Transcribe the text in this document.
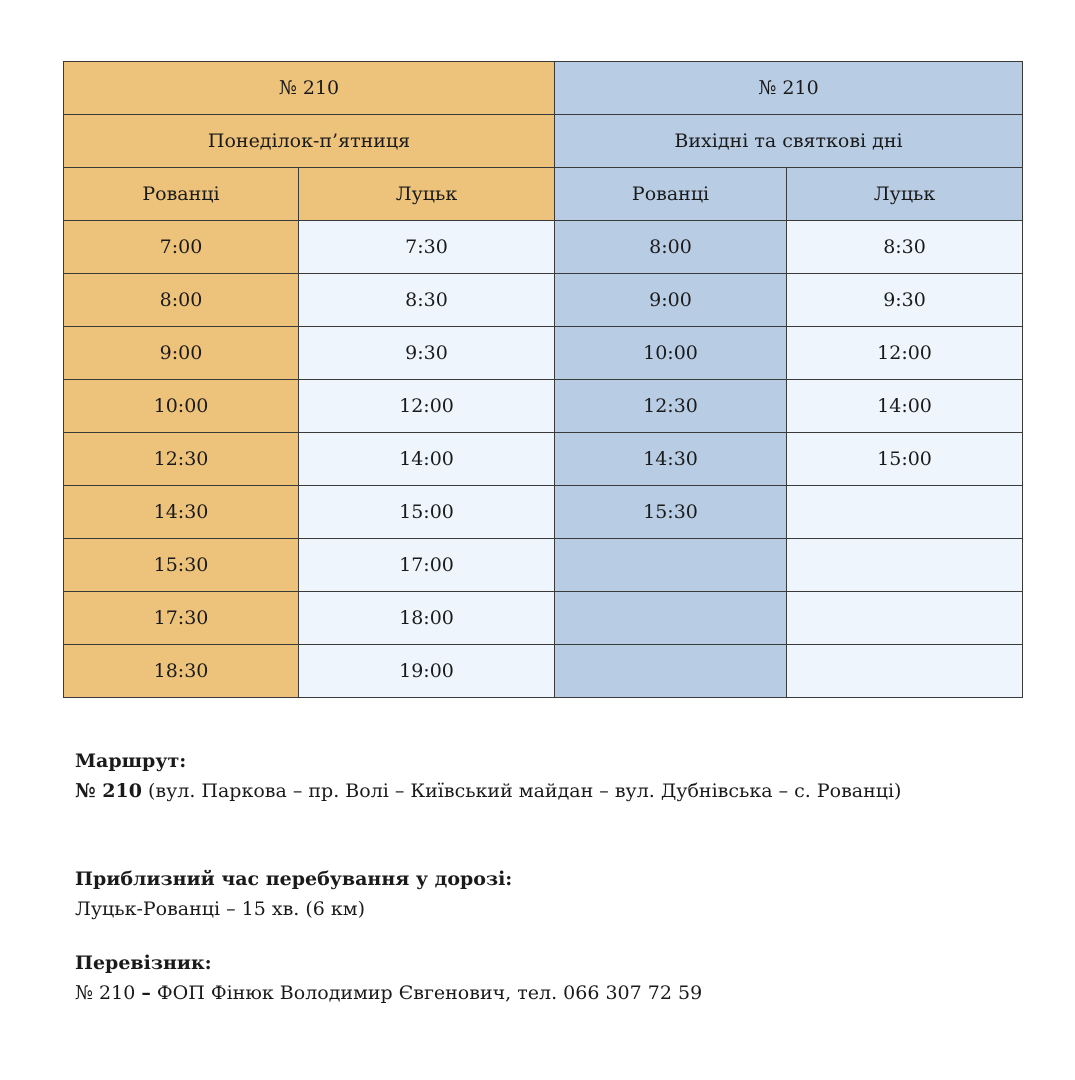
№ 210		№ 210	
Понеділок-п’ятниця		Вихідні та святкові дні	
Рованці	Луцьк	Рованці	Луцьк
7:00	7:30	8:00	8:30
8:00	8:30	9:00	9:30
9:00	9:30	10:00	12:00
10:00	12:00	12:30	14:00
12:30	14:00	14:30	15:00
14:30	15:00	15:30	
15:30	17:00		
17:30	18:00		
18:30	19:00		

Маршрут:

№ 210 (вул. Паркова – пр. Волі – Київський майдан – вул. Дубнівська – с. Рованці)

Приблизний час перебування у дорозі:

Луцьк-Рованці – 15 хв. (6 км)

Перевізник:

№ 210 – ФОП Фінюк Володимир Євгенович, тел. 066 307 72 59
